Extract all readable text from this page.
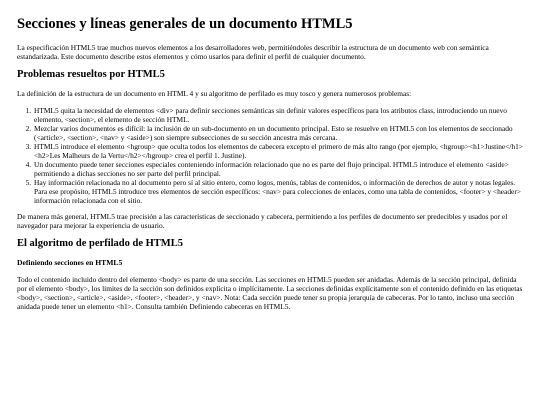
Secciones y líneas generales de un documento HTML5

La especificación HTML5 trae muchos nuevos elementos a los desarrolladores web, permitiéndoles describir la estructura de un documento web con semántica estandarizada. Este documento describe estos elementos y cómo usarlos para definir el perfil de cualquier documento.

Problemas resueltos por HTML5

La definición de la estructura de un documento en HTML 4 y su algoritmo de perfilado es muy tosco y genera numerosos problemas:

1. HTML5 quita la necesidad de elementos <div> para definir secciones semánticas sin definir valores específicos para los atributos class, introduciendo un nuevo elemento, <section>, el elemento de sección HTML.
2. Mezclar varios documentos es difícil: la inclusión de un sub-documento en un documento principal. Esto se resuelve en HTML5 con los elementos de seccionado (<article>, <section>, <nav> y <aside>) son siempre subsecciones de su sección ancestra más cercana.
3. HTML5 introduce el elemento <hgroup> que oculta todos los elementos de cabecera excepto el primero de más alto rango (por ejemplo, <hgroup><h1>Justine</h1><h2>Les Malheurs de la Vertu</h2></hgroup> crea el perfil 1. Justine).
4. Un documento puede tener secciones especiales conteniendo información relacionado que no es parte del flujo principal. HTML5 introduce el elemento <aside> permitiendo a dichas secciones no ser parte del perfil principal.
5. Hay información relacionada no al documento pero sí al sitio entero, como logos, menús, tablas de contenidos, o información de derechos de autor y notas legales. Para ese propósito, HTML5 introduce tres elementos de sección específicos: <nav> para colecciones de enlaces, como una tabla de contenidos, <footer> y <header> información relacionada con el sitio.

De manera más general, HTML5 trae precisión a las características de seccionado y cabecera, permitiendo a los perfiles de documento ser predecibles y usados por el navegador para mejorar la experiencia de usuario.

El algoritmo de perfilado de HTML5
Definiendo secciones en HTML5

Todo el contenido incluido dentro del elemento <body> es parte de una sección. Las secciones en HTML5 pueden ser anidadas. Además de la sección principal, definida por el elemento <body>, los límites de la sección son definidos explícita o implícitamente. La secciones definidas explícitamente son el contenido definido en las etiquetas <body>, <section>, <article>, <aside>, <footer>, <header>, y <nav>. Nota: Cada sección puede tener su propia jerarquía de cabeceras. Por lo tanto, incluso una sección anidada puede tener un elemento <h1>. Consulta también Definiendo cabeceras en HTML5.
